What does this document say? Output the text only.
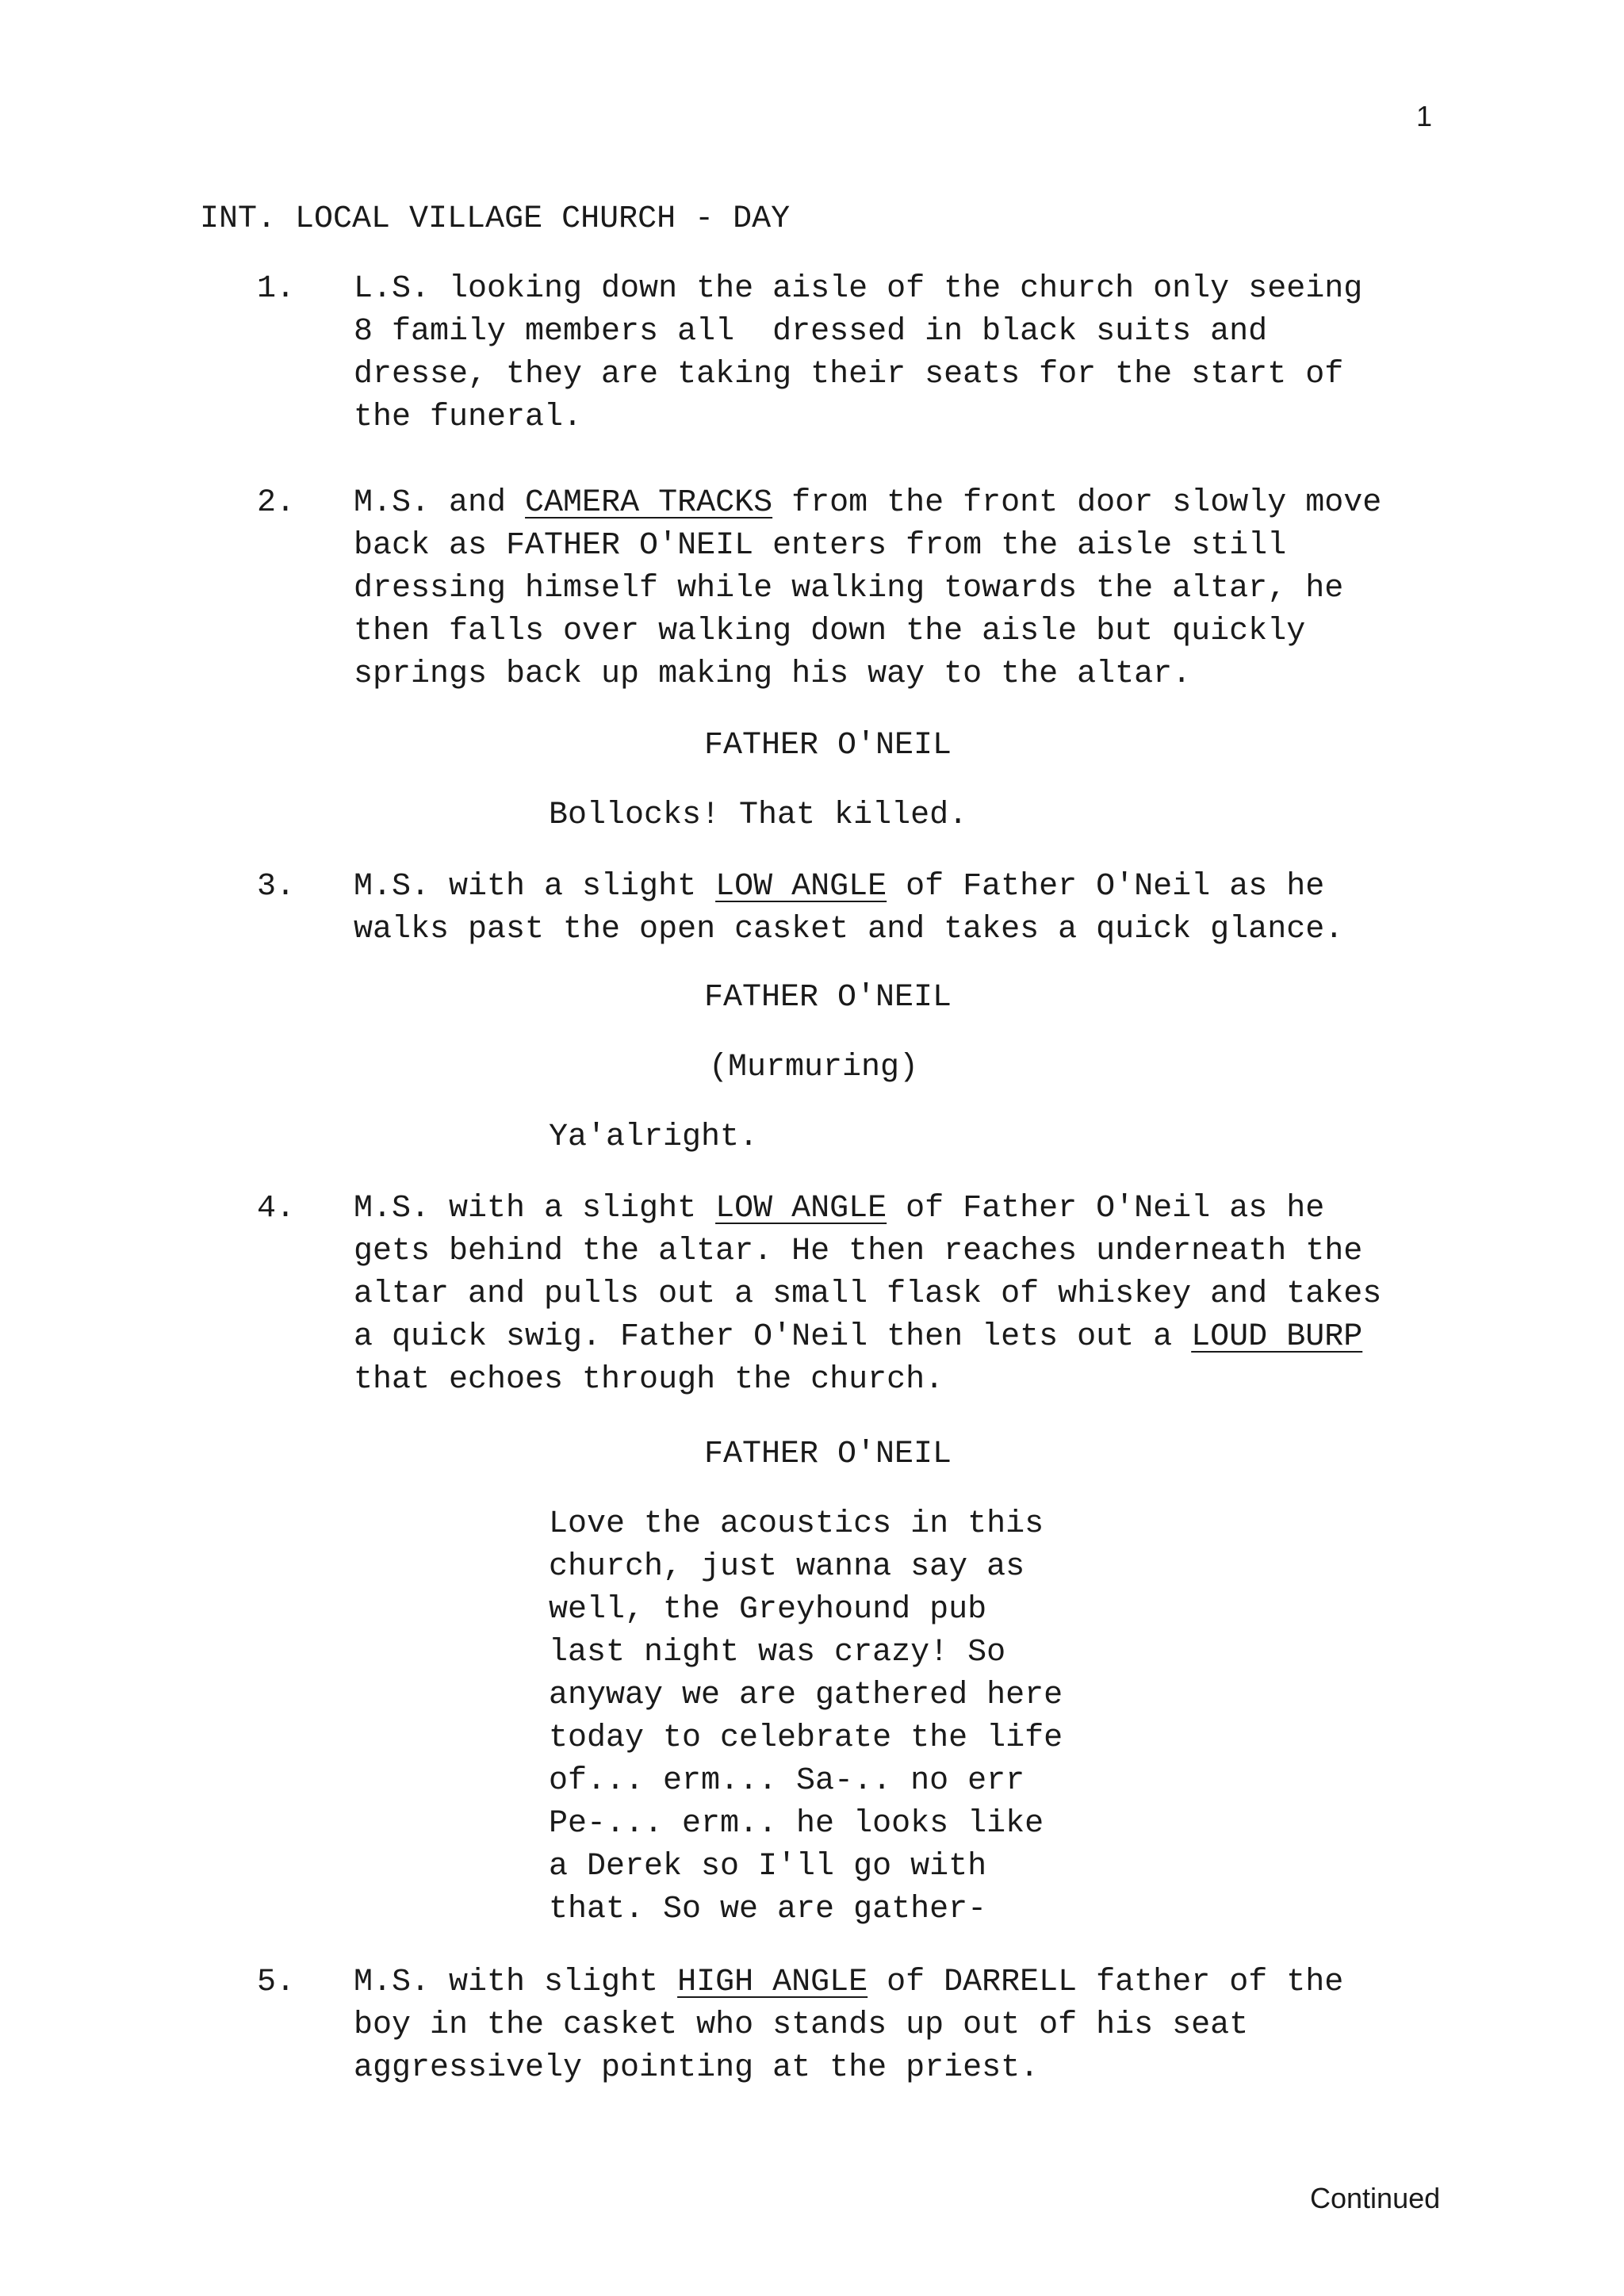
1
INT. LOCAL VILLAGE CHURCH - DAY
1.	L.S. looking down the aisle of the church only seeing
8 family members all  dressed in black suits and
dresse, they are taking their seats for the start of
the funeral.
2.	M.S. and CAMERA TRACKS from the front door slowly move
back as FATHER O'NEIL enters from the aisle still
dressing himself while walking towards the altar, he
then falls over walking down the aisle but quickly
springs back up making his way to the altar.
FATHER O'NEIL
Bollocks! That killed.
3.	M.S. with a slight LOW ANGLE of Father O'Neil as he
walks past the open casket and takes a quick glance.
FATHER O'NEIL
(Murmuring)
Ya'alright.
4.	M.S. with a slight LOW ANGLE of Father O'Neil as he
gets behind the altar. He then reaches underneath the
altar and pulls out a small flask of whiskey and takes
a quick swig. Father O'Neil then lets out a LOUD BURP
that echoes through the church.
FATHER O'NEIL
Love the acoustics in this
church, just wanna say as
well, the Greyhound pub
last night was crazy! So
anyway we are gathered here
today to celebrate the life
of... erm... Sa-.. no err
Pe-... erm.. he looks like
a Derek so I'll go with
that. So we are gather-
5.	M.S. with slight HIGH ANGLE of DARRELL father of the
boy in the casket who stands up out of his seat
aggressively pointing at the priest.
Continued
